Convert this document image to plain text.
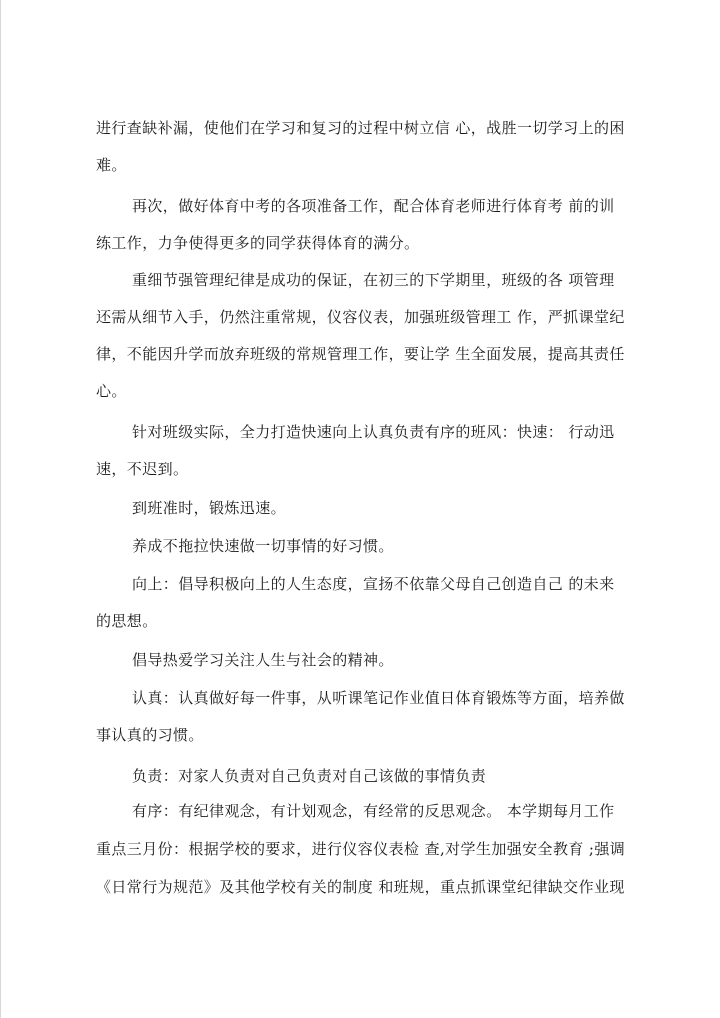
进行查缺补漏，使他们在学习和复习的过程中树立信 心，战胜一切学习上的困
难。
再次，做好体育中考的各项准备工作，配合体育老师进行体育考 前的训
练工作，力争使得更多的同学获得体育的满分。
重细节强管理纪律是成功的保证，在初三的下学期里，班级的各 项管理
还需从细节入手，仍然注重常规，仪容仪表，加强班级管理工 作，严抓课堂纪
律，不能因升学而放弃班级的常规管理工作，要让学 生全面发展，提高其责任
心。
针对班级实际，全力打造快速向上认真负责有序的班风：快速： 行动迅
速，不迟到。
到班准时，锻炼迅速。
养成不拖拉快速做一切事情的好习惯。
向上：倡导积极向上的人生态度，宣扬不依靠父母自己创造自己 的未来
的思想。
倡导热爱学习关注人生与社会的精神。
认真：认真做好每一件事，从听课笔记作业值日体育锻炼等方面，培养做
事认真的习惯。
负责：对家人负责对自己负责对自己该做的事情负责
有序：有纪律观念，有计划观念，有经常的反思观念。 本学期每月工作
重点三月份：根据学校的要求，进行仪容仪表检 查,对学生加强安全教育 ;强调
《日常行为规范》及其他学校有关的制度 和班规，重点抓课堂纪律缺交作业现
